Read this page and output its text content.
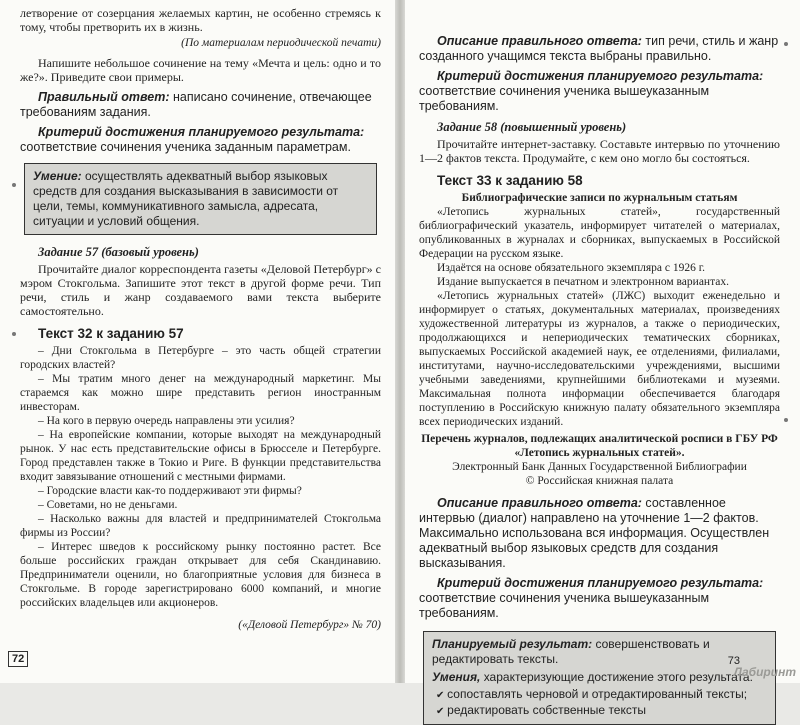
летворение от созерцания желаемых картин, не особенно стремясь к тому, чтобы претворить их в жизнь.

(По материалам периодической печати)

Напишите небольшое сочинение на тему «Мечта и цель: одно и то же?». Приведите свои примеры.

Правильный ответ: написано сочинение, отвечающее требованиям задания.

Критерий достижения планируемого результата: соответствие сочинения ученика заданным параметрам.

Умение: осуществлять адекватный выбор языковых средств для создания высказывания в зависимости от цели, темы, коммуникативного замысла, адресата, ситуации и условий общения.

Задание 57 (базовый уровень)

Прочитайте диалог корреспондента газеты «Деловой Петербург» с мэром Стокгольма. Запишите этот текст в другой форме речи. Тип речи, стиль и жанр создаваемого вами текста выберите самостоятельно.

Текст 32 к заданию 57

– Дни Стокгольма в Петербурге – это часть общей стратегии городских властей?

– Мы тратим много денег на международный маркетинг. Мы стараемся как можно шире представить регион иностранным инвесторам.

– На кого в первую очередь направлены эти усилия?

– На европейские компании, которые выходят на международный рынок. У нас есть представительские офисы в Брюсселе и Петербурге. Город представлен также в Токио и Риге. В функции представительства входит завязывание отношений с местными фирмами.

– Городские власти как-то поддерживают эти фирмы?

– Советами, но не деньгами.

– Насколько важны для властей и предпринимателей Стокгольма фирмы из России?

– Интерес шведов к российскому рынку постоянно растет. Все больше российских граждан открывает для себя Скандинавию. Предприниматели оценили, но благоприятные условия для бизнеса в Стокгольме. В городе зарегистрировано 6000 компаний, и многие российских владельцев или акционеров.

(«Деловой Петербург» № 70)

72

Описание правильного ответа: тип речи, стиль и жанр созданного учащимся текста выбраны правильно.

Критерий достижения планируемого результата: соответствие сочинения ученика вышеуказанным требованиям.

Задание 58 (повышенный уровень)

Прочитайте интернет-заставку. Составьте интервью по уточнению 1—2 фактов текста. Продумайте, с кем оно могло бы состояться.

Текст 33 к заданию 58

Библиографические записи по журнальным статьям

«Летопись журнальных статей», государственный библиографический указатель, информирует читателей о материалах, опубликованных в журналах и сборниках, выпускаемых в Российской Федерации на русском языке.

Издаётся на основе обязательного экземпляра с 1926 г.

Издание выпускается в печатном и электронном вариантах.

«Летопись журнальных статей» (ЛЖС) выходит еженедельно и информирует о статьях, документальных материалах, произведениях художественной литературы из журналов, а также о периодических, продолжающихся и непериодических тематических сборниках, выпускаемых Российской академией наук, ее отделениями, филиалами, институтами, научно-исследовательскими учреждениями, высшими учебными заведениями, крупнейшими библиотеками и музеями. Максимальная полнота информации обеспечивается благодаря поступлению в Российскую книжную палату обязательного экземпляра всех периодических изданий.

Перечень журналов, подлежащих аналитической росписи в ГБУ РФ «Летопись журнальных статей».

Электронный Банк Данных Государственной Библиографии

© Российская книжная палата

Описание правильного ответа: составленное интервью (диалог) направлено на уточнение 1—2 фактов. Максимально использована вся информация. Осуществлен адекватный выбор языковых средств для создания высказывания.

Критерий достижения планируемого результата: соответствие сочинения ученика вышеуказанным требованиям.

Планируемый результат: совершенствовать и редактировать тексты.
Умения, характеризующие достижение этого результата:
✔ сопоставлять черновой и отредактированный тексты;
✔ редактировать собственные тексты
73
Лабиринт
